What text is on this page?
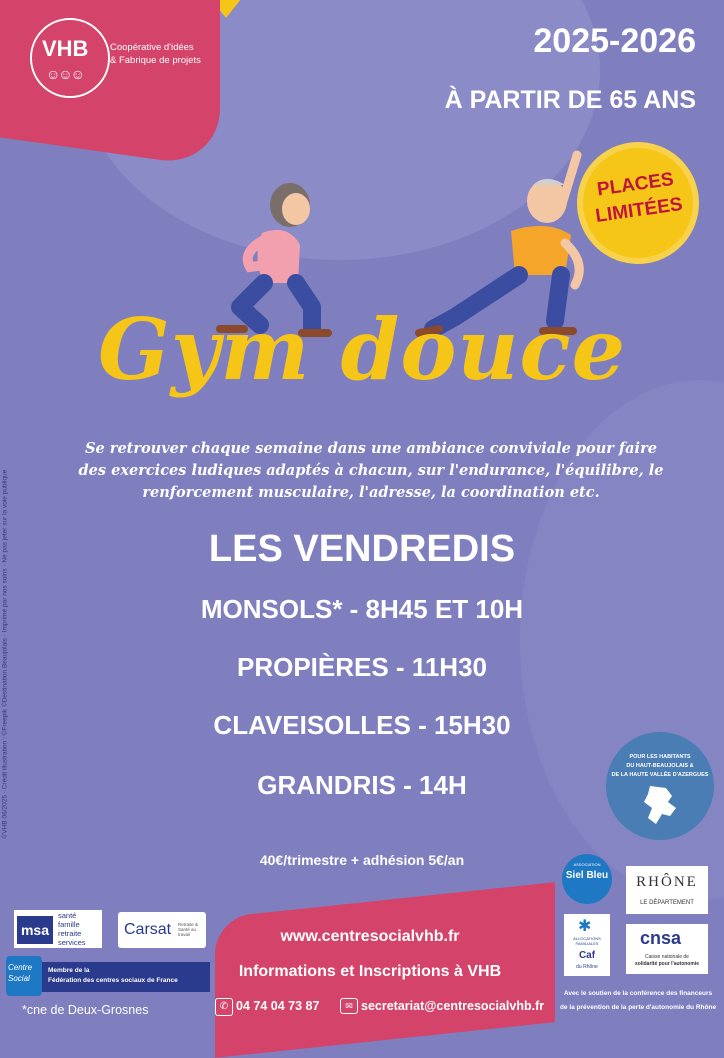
VHB
☺☺☺
Coopérative d'idées
& Fabrique de projets
2025-2026
À PARTIR DE 65 ANS
PLACES
LIMITÉES
Gym douce
Se retrouver chaque semaine dans une ambiance conviviale pour faire des exercices ludiques adaptés à chacun, sur l'endurance, l'équilibre, le renforcement musculaire, l'adresse, la coordination etc.
LES VENDREDIS
MONSOLS* - 8H45 ET 10H
PROPIÈRES - 11H30
CLAVEISOLLES - 15H30
GRANDRIS - 14H
40€/trimestre + adhésion 5€/an
©VHB 06/2025 · Crédit illustration : ©Freepik ©Destination Beaujolais · Imprimé par nos soins · Ne pas jeter sur la voie publique	POUR LES HABITANTS
DU HAUT-BEAUJOLAIS &
DE LA HAUTE VALLÉE D'AZERGUES
www.centresocialvhb.fr
Informations et Inscriptions à VHB
✆ 04 74 04 73 87	✉ secretariat@centresocialvhb.fr
msa
santé
famille
retraite
services
Carsat Retraite & Santé au travail
Centre Social
Membre de la
Fédération des centres sociaux de France
*cne de Deux-Grosnes
ASSOCIATION
Siel Bleu	RHÔNE
LE DÉPARTEMENT
✱
ALLOCATIONS
FAMILIALES
Caf
du Rhône
cnsa
Caisse nationale de
solidarité pour l'autonomie
Avec le soutien de la conférence des financeurs
de la prévention de la perte d'autonomie du Rhône
